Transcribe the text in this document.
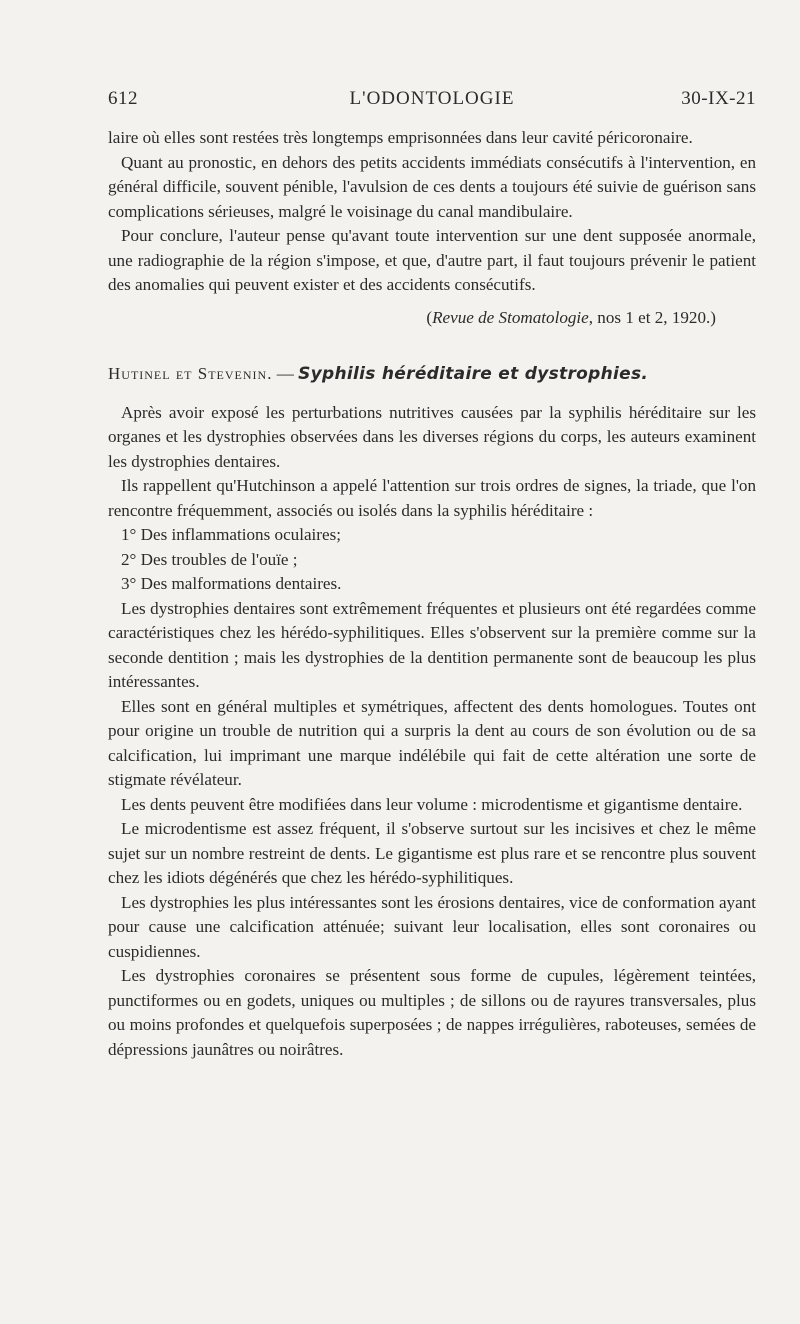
612	L'ODONTOLOGIE	30-IX-21

laire où elles sont restées très longtemps emprisonnées dans leur cavité péricoronaire.

Quant au pronostic, en dehors des petits accidents immédiats consécutifs à l'intervention, en général difficile, souvent pénible, l'avulsion de ces dents a toujours été suivie de guérison sans complications sérieuses, malgré le voisinage du canal mandibulaire.

Pour conclure, l'auteur pense qu'avant toute intervention sur une dent supposée anormale, une radiographie de la région s'impose, et que, d'autre part, il faut toujours prévenir le patient des anomalies qui peuvent exister et des accidents consécutifs.

(Revue de Stomatologie, nos 1 et 2, 1920.)

Hutinel et Stevenin. — Syphilis héréditaire et dystrophies.

Après avoir exposé les perturbations nutritives causées par la syphilis héréditaire sur les organes et les dystrophies observées dans les diverses régions du corps, les auteurs examinent les dystrophies dentaires.

Ils rappellent qu'Hutchinson a appelé l'attention sur trois ordres de signes, la triade, que l'on rencontre fréquemment, associés ou isolés dans la syphilis héréditaire :

1° Des inflammations oculaires;

2° Des troubles de l'ouïe ;

3° Des malformations dentaires.

Les dystrophies dentaires sont extrêmement fréquentes et plusieurs ont été regardées comme caractéristiques chez les hérédo-syphilitiques. Elles s'observent sur la première comme sur la seconde dentition ; mais les dystrophies de la dentition permanente sont de beaucoup les plus intéressantes.

Elles sont en général multiples et symétriques, affectent des dents homologues. Toutes ont pour origine un trouble de nutrition qui a surpris la dent au cours de son évolution ou de sa calcification, lui imprimant une marque indélébile qui fait de cette altération une sorte de stigmate révélateur.

Les dents peuvent être modifiées dans leur volume : microdentisme et gigantisme dentaire.

Le microdentisme est assez fréquent, il s'observe surtout sur les incisives et chez le même sujet sur un nombre restreint de dents. Le gigantisme est plus rare et se rencontre plus souvent chez les idiots dégénérés que chez les hérédo-syphilitiques.

Les dystrophies les plus intéressantes sont les érosions dentaires, vice de conformation ayant pour cause une calcification atténuée; suivant leur localisation, elles sont coronaires ou cuspidiennes.

Les dystrophies coronaires se présentent sous forme de cupules, légèrement teintées, punctiformes ou en godets, uniques ou multiples ; de sillons ou de rayures transversales, plus ou moins profondes et quelquefois superposées ; de nappes irrégulières, raboteuses, semées de dépressions jaunâtres ou noirâtres.
